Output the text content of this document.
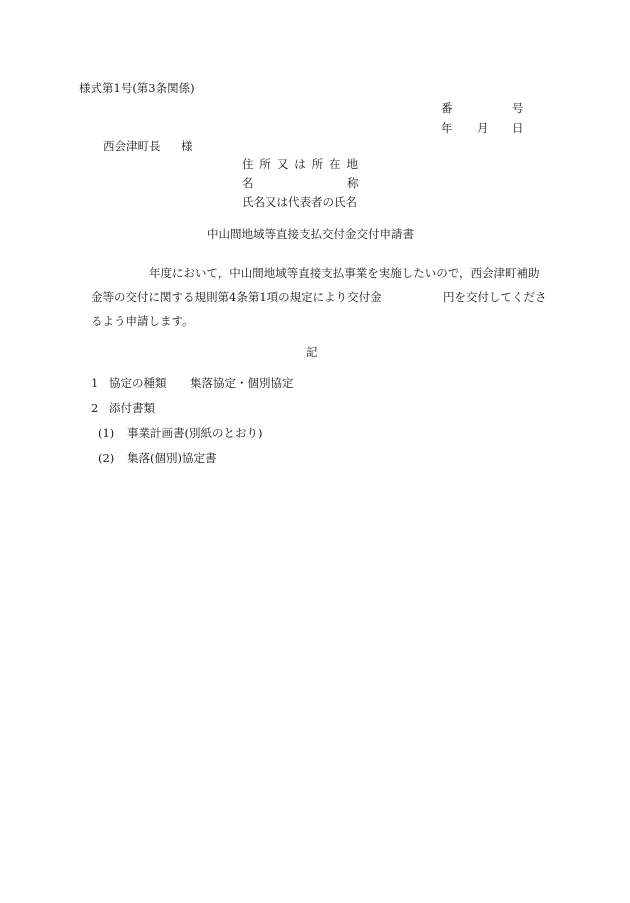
様式第1号(第3条関係)
番	号
年 月 日
西会津町長 様
住所又は所在地
名	称
氏名又は代表者の氏名
中山間地域等直接支払交付金交付申請書
年度において，中山間地域等直接支払事業を実施したいので，西会津町補助
金等の交付に関する規則第4条第1項の規定により交付金	円を交付してくださ
るよう申請します。
記
1 協定の種類 集落協定・個別協定
2 添付書類
(1) 事業計画書(別紙のとおり)
(2) 集落(個別)協定書
